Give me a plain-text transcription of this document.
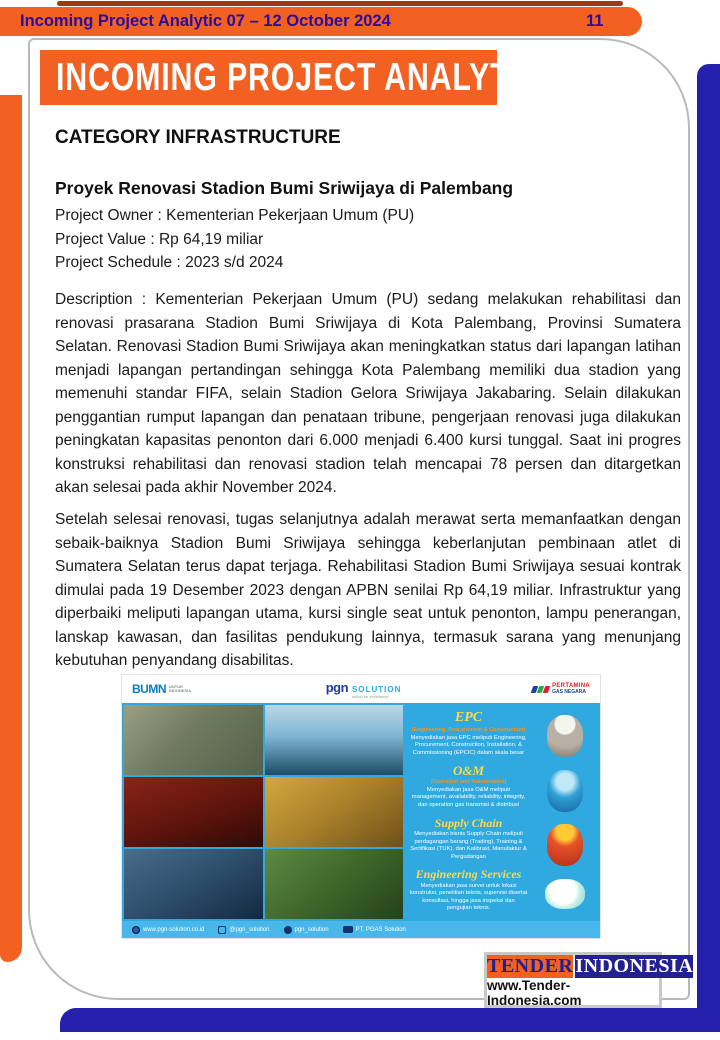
Incoming Project Analytic 07 – 12 October 2024	11
INCOMING PROJECT ANALYTIC
CATEGORY INFRASTRUCTURE
Proyek Renovasi Stadion Bumi Sriwijaya di Palembang
Project Owner : Kementerian Pekerjaan Umum (PU)
Project Value : Rp 64,19 miliar
Project Schedule : 2023 s/d 2024
Description : Kementerian Pekerjaan Umum (PU) sedang melakukan rehabilitasi dan renovasi prasarana Stadion Bumi Sriwijaya di Kota Palembang, Provinsi Sumatera Selatan. Renovasi Stadion Bumi Sriwijaya akan meningkatkan status dari lapangan latihan menjadi lapangan pertandingan sehingga Kota Palembang memiliki dua stadion yang memenuhi standar FIFA, selain Stadion Gelora Sriwijaya Jakabaring. Selain dilakukan penggantian rumput lapangan dan penataan tribune, pengerjaan renovasi juga dilakukan peningkatan kapasitas penonton dari 6.000 menjadi 6.400 kursi tunggal. Saat ini progres konstruksi rehabilitasi dan renovasi stadion telah mencapai 78 persen dan ditargetkan akan selesai pada akhir November 2024.
Setelah selesai renovasi, tugas selanjutnya adalah merawat serta memanfaatkan dengan sebaik-baiknya Stadion Bumi Sriwijaya sehingga keberlanjutan pembinaan atlet di Sumatera Selatan terus dapat terjaga. Rehabilitasi Stadion Bumi Sriwijaya sesuai kontrak dimulai pada 19 Desember 2023 dengan APBN senilai Rp 64,19 miliar. Infrastruktur yang diperbaiki meliputi lapangan utama, kursi single seat untuk penonton, lampu penerangan, lanskap kawasan, dan fasilitas pendukung lainnya, termasuk sarana yang menunjang kebutuhan penyandang disabilitas.
BUMN UNTUK INDONESIA	pgn SOLUTION
action for excellence
PERTAMINA
GAS NEGARA
EPC
(Engineering, Procurement & Construction)
Menyediakan jasa EPC meliputi Engineering, Procurement, Construction, Installation, & Commissioning (EPCIC) dalam skala besar
O&M
(Operation and Maintenance)
Menyediakan jasa O&M meliputi management, availability, reliability, integrity, dan operation gas transmisi & distribusi
Supply Chain
Menyediakan bisnis Supply Chain meliputi perdagangan barang (Trading), Training & Sertifikasi (TUK), dan Kalibrasi, Manufaktur & Pergudangan
Engineering Services
Menyediakan jasa survei untuk lokasi konstruksi, penelitian teknis, supervisi disertai konsultasi, hingga jasa inspeksi dan pengujian teknis.
www.pgn-solution.co.id	@pgn_solution	pgn_solution	PT. PGAS Solution
TENDER INDONESIA
www.Tender-Indonesia.com
